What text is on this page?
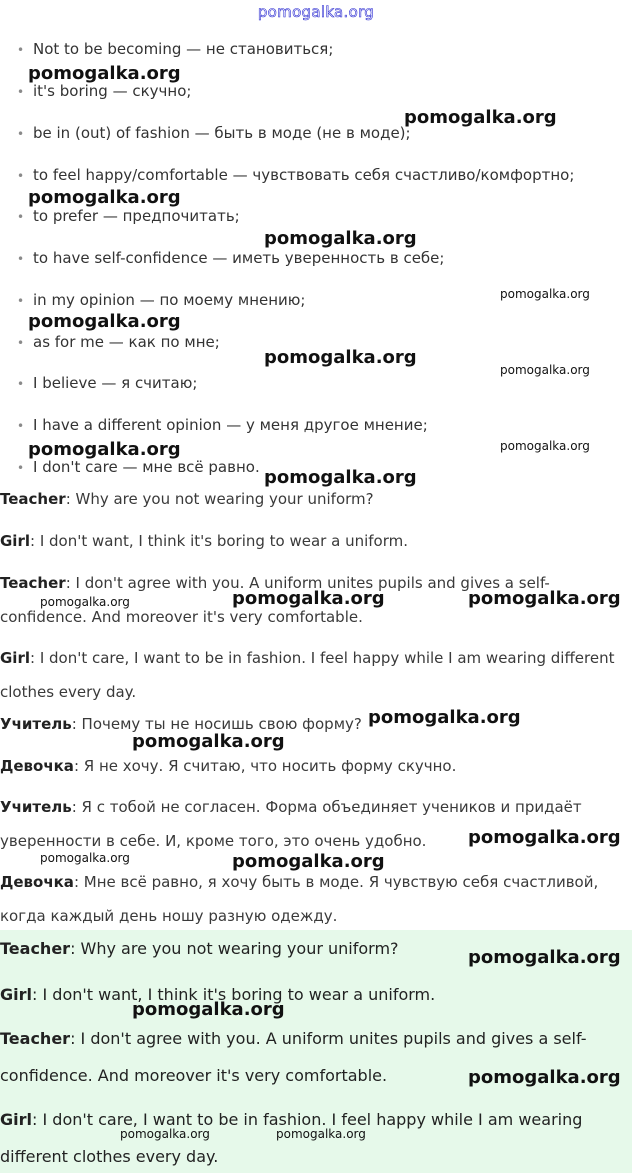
pomogalka.org
• Not to be becoming — не становиться;
• it's boring — скучно;
• be in (out) of fashion — быть в моде (не в моде);
• to feel happy/comfortable — чувствовать себя счастливо/комфортно;
• to prefer — предпочитать;
• to have self-confidence — иметь уверенность в себе;
• in my opinion — по моему мнению;
• as for me — как по мне;
• I believe — я считаю;
• I have a different opinion — у меня другое мнение;
• I don't care — мне всё равно.
Teacher: Why are you not wearing your uniform?
Girl: I don't want, I think it's boring to wear a uniform.
Teacher: I don't agree with you. A uniform unites pupils and gives a self-confidence. And moreover it's very comfortable.
Girl: I don't care, I want to be in fashion. I feel happy while I am wearing different clothes every day.
Учитель: Почему ты не носишь свою форму?
Девочка: Я не хочу. Я считаю, что носить форму скучно.
Учитель: Я с тобой не согласен. Форма объединяет учеников и придаёт уверенности в себе. И, кроме того, это очень удобно.
Девочка: Мне всё равно, я хочу быть в моде. Я чувствую себя счастливой, когда каждый день ношу разную одежду.
Teacher: Why are you not wearing your uniform?
Girl: I don't want, I think it's boring to wear a uniform.
Teacher: I don't agree with you. A uniform unites pupils and gives a self-confidence. And moreover it's very comfortable.
Girl: I don't care, I want to be in fashion. I feel happy while I am wearing different clothes every day.
pomogalka.org
pomogalka.org
pomogalka.org
pomogalka.org
pomogalka.org
pomogalka.org
pomogalka.org
pomogalka.org
pomogalka.org
pomogalka.org
pomogalka.org
pomogalka.org	pomogalka.org	pomogalka.org
pomogalka.org
pomogalka.org
pomogalka.org
pomogalka.org	pomogalka.org
pomogalka.org
pomogalka.org
pomogalka.org
pomogalka.org	pomogalka.org
